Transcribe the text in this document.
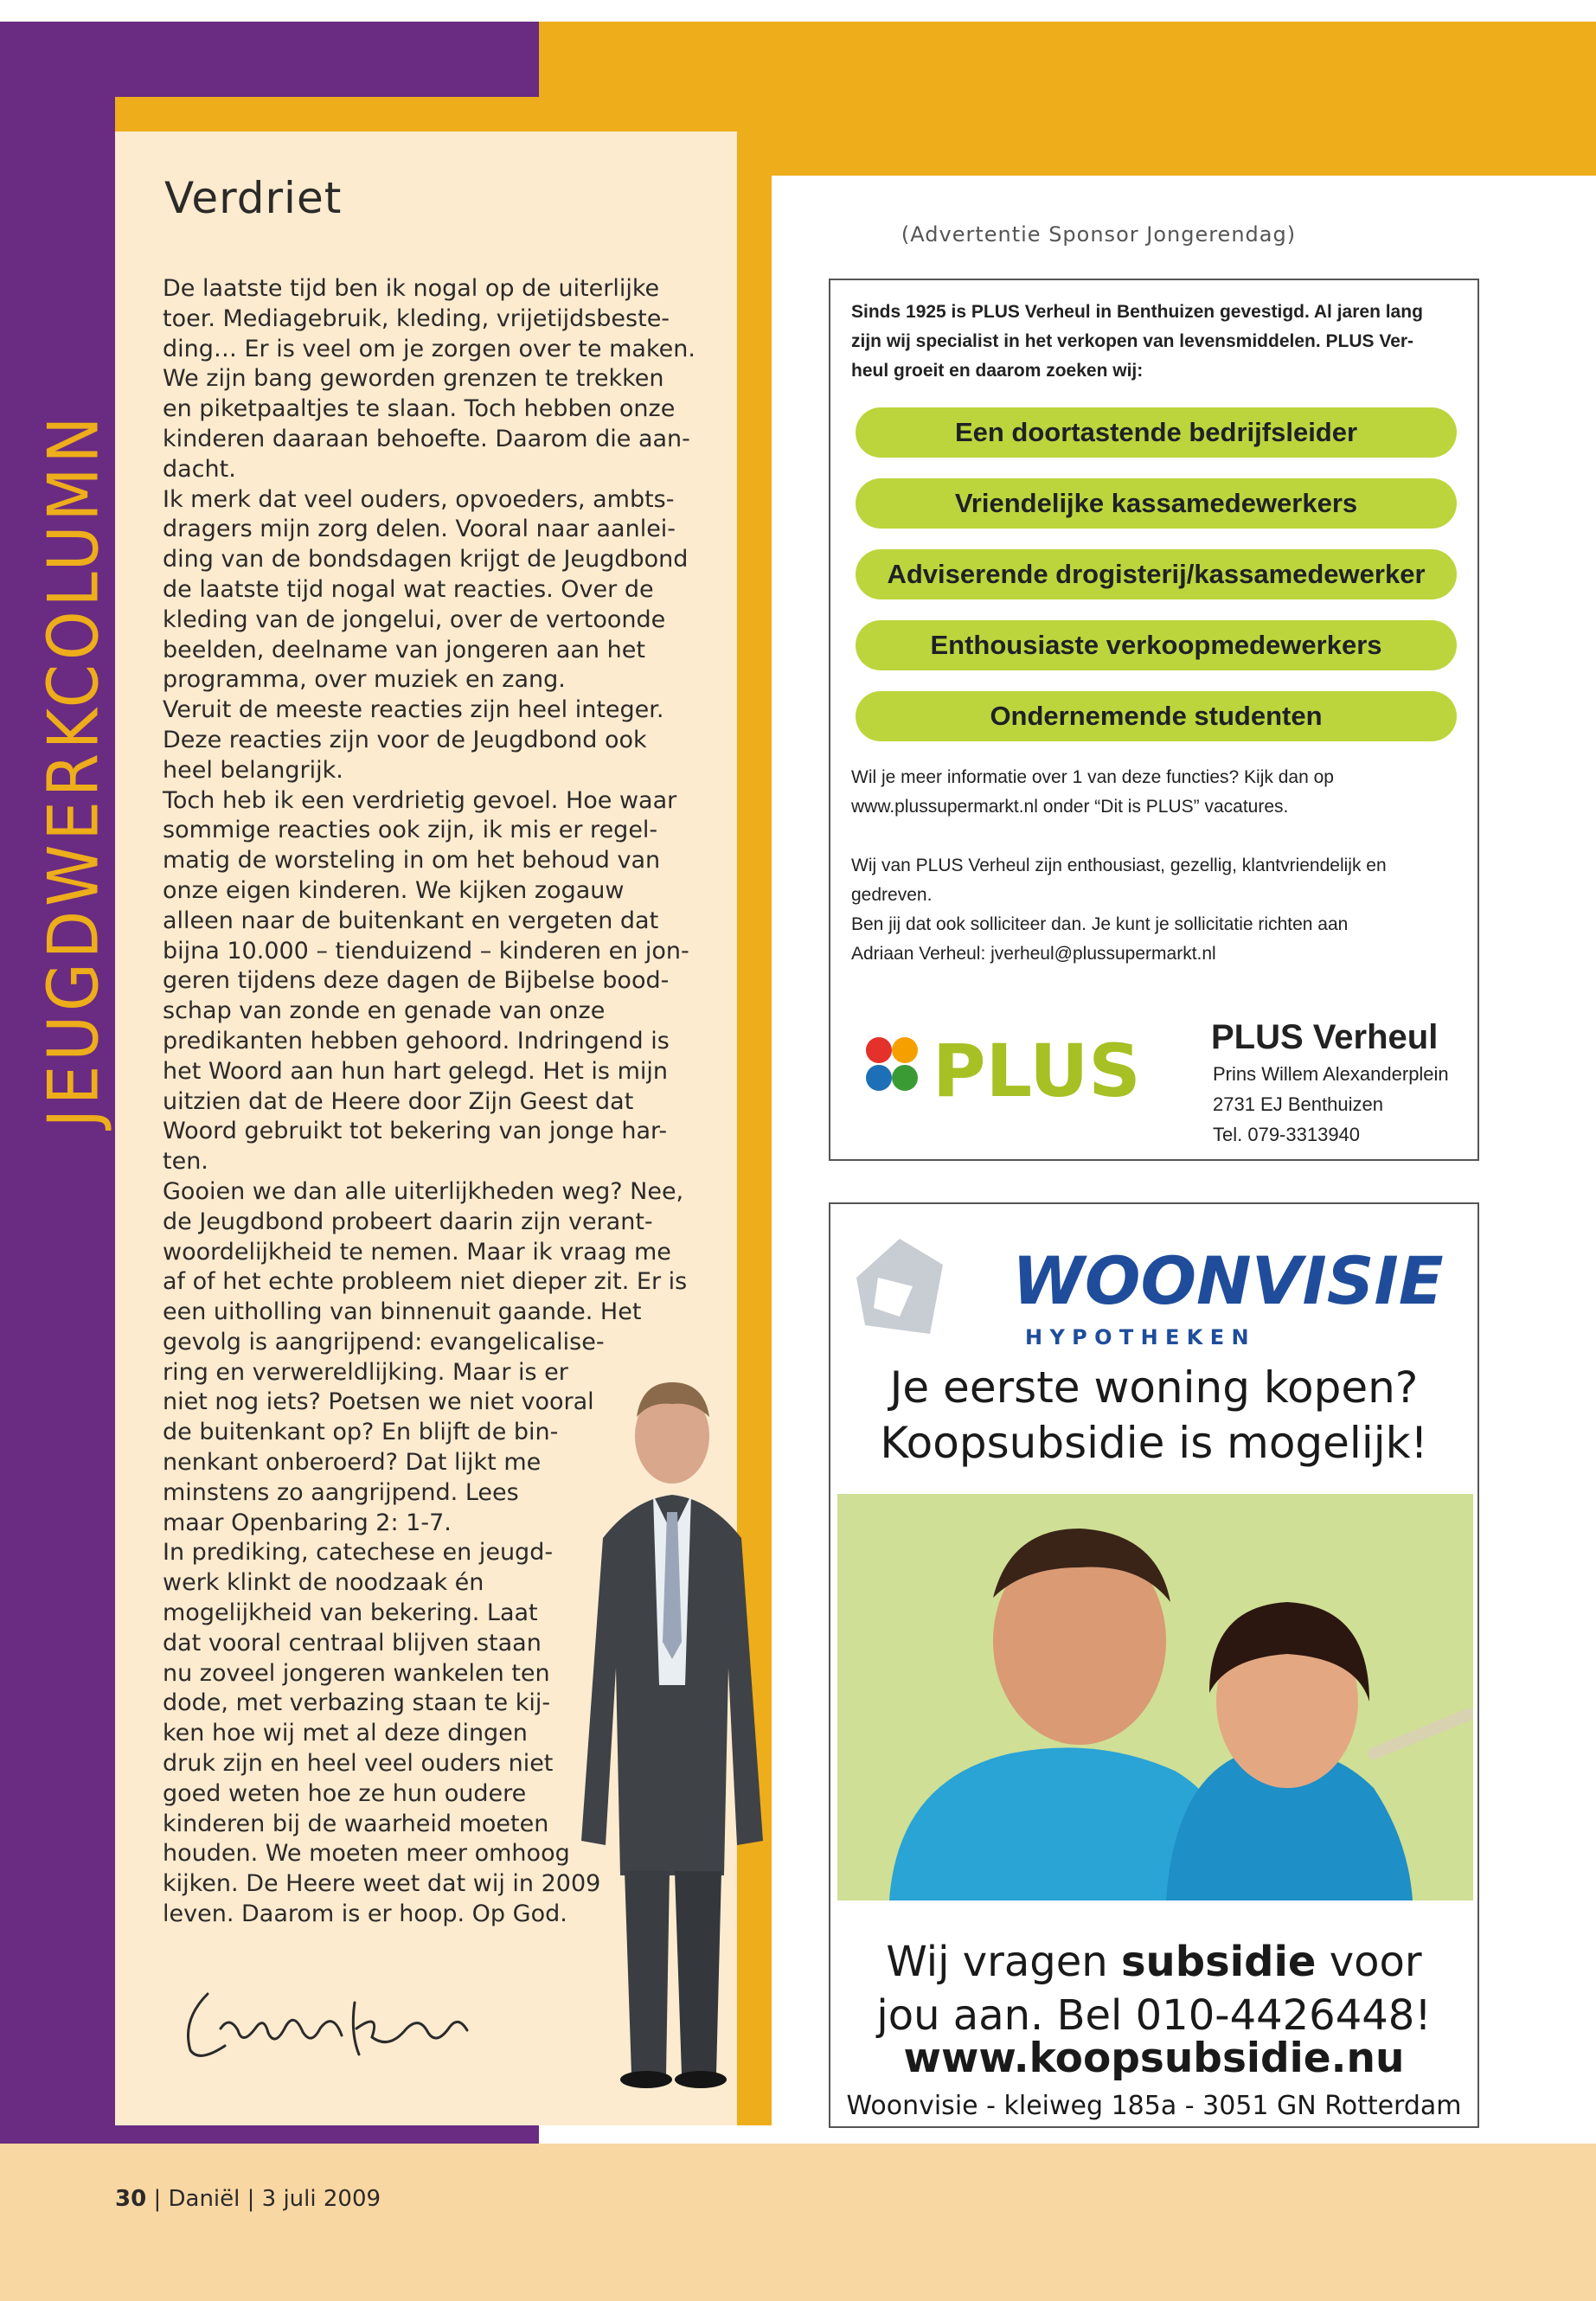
JEUGDWERKCOLUMN
Verdriet

De laatste tijd ben ik nogal op de uiterlijke

toer. Mediagebruik, kleding, vrijetijdsbeste-

ding… Er is veel om je zorgen over te maken.

We zijn bang geworden grenzen te trekken

en piketpaaltjes te slaan. Toch hebben onze

kinderen daaraan behoefte. Daarom die aan-

dacht.

Ik merk dat veel ouders, opvoeders, ambts-

dragers mijn zorg delen. Vooral naar aanlei-

ding van de bondsdagen krijgt de Jeugdbond

de laatste tijd nogal wat reacties. Over de

kleding van de jongelui, over de vertoonde

beelden, deelname van jongeren aan het

programma, over muziek en zang.

Veruit de meeste reacties zijn heel integer.

Deze reacties zijn voor de Jeugdbond ook

heel belangrijk.

Toch heb ik een verdrietig gevoel. Hoe waar

sommige reacties ook zijn, ik mis er regel-

matig de worsteling in om het behoud van

onze eigen kinderen. We kijken zogauw

alleen naar de buitenkant en vergeten dat

bijna 10.000 – tienduizend – kinderen en jon-

geren tijdens deze dagen de Bijbelse bood-

schap van zonde en genade van onze

predikanten hebben gehoord. Indringend is

het Woord aan hun hart gelegd. Het is mijn

uitzien dat de Heere door Zijn Geest dat

Woord gebruikt tot bekering van jonge har-

ten.

Gooien we dan alle uiterlijkheden weg? Nee,

de Jeugdbond probeert daarin zijn verant-

woordelijkheid te nemen. Maar ik vraag me

af of het echte probleem niet dieper zit. Er is

een uitholling van binnenuit gaande. Het

gevolg is aangrijpend: evangelicalise-

ring en verwereldlijking. Maar is er

niet nog iets? Poetsen we niet vooral

de buitenkant op? En blijft de bin-

nenkant onberoerd? Dat lijkt me

minstens zo aangrijpend. Lees

maar Openbaring 2: 1-7.

In prediking, catechese en jeugd-

werk klinkt de noodzaak én

mogelijkheid van bekering. Laat

dat vooral centraal blijven staan

nu zoveel jongeren wankelen ten

dode, met verbazing staan te kij-

ken hoe wij met al deze dingen

druk zijn en heel veel ouders niet

goed weten hoe ze hun oudere

kinderen bij de waarheid moeten

houden. We moeten meer omhoog

kijken. De Heere weet dat wij in 2009

leven. Daarom is er hoop. Op God.

(Advertentie Sponsor Jongerendag)
Sinds 1925 is PLUS Verheul in Benthuizen gevestigd. Al jaren lang
zijn wij specialist in het verkopen van levensmiddelen. PLUS Ver-
heul groeit en daarom zoeken wij:
Een doortastende bedrijfsleider
Vriendelijke kassamedewerkers
Adviserende drogisterij/kassamedewerker
Enthousiaste verkoopmedewerkers
Ondernemende studenten
Wil je meer informatie over 1 van deze functies? Kijk dan op
www.plussupermarkt.nl onder “Dit is PLUS” vacatures.
Wij van PLUS Verheul zijn enthousiast, gezellig, klantvriendelijk en
gedreven.
Ben jij dat ook solliciteer dan. Je kunt je sollicitatie richten aan
Adriaan Verheul: jverheul@plussupermarkt.nl
PLUS PLUS Verheul
Prins Willem Alexanderplein
2731 EJ Benthuizen
Tel. 079-3313940
WOONVISIE
H Y P O T H E K E N
Je eerste woning kopen?
Koopsubsidie is mogelijk!
Wij vragen subsidie voor
jou aan. Bel 010-4426448!
www.koopsubsidie.nu
Woonvisie - kleiweg 185a - 3051 GN Rotterdam
30 | Daniël | 3 juli 2009
